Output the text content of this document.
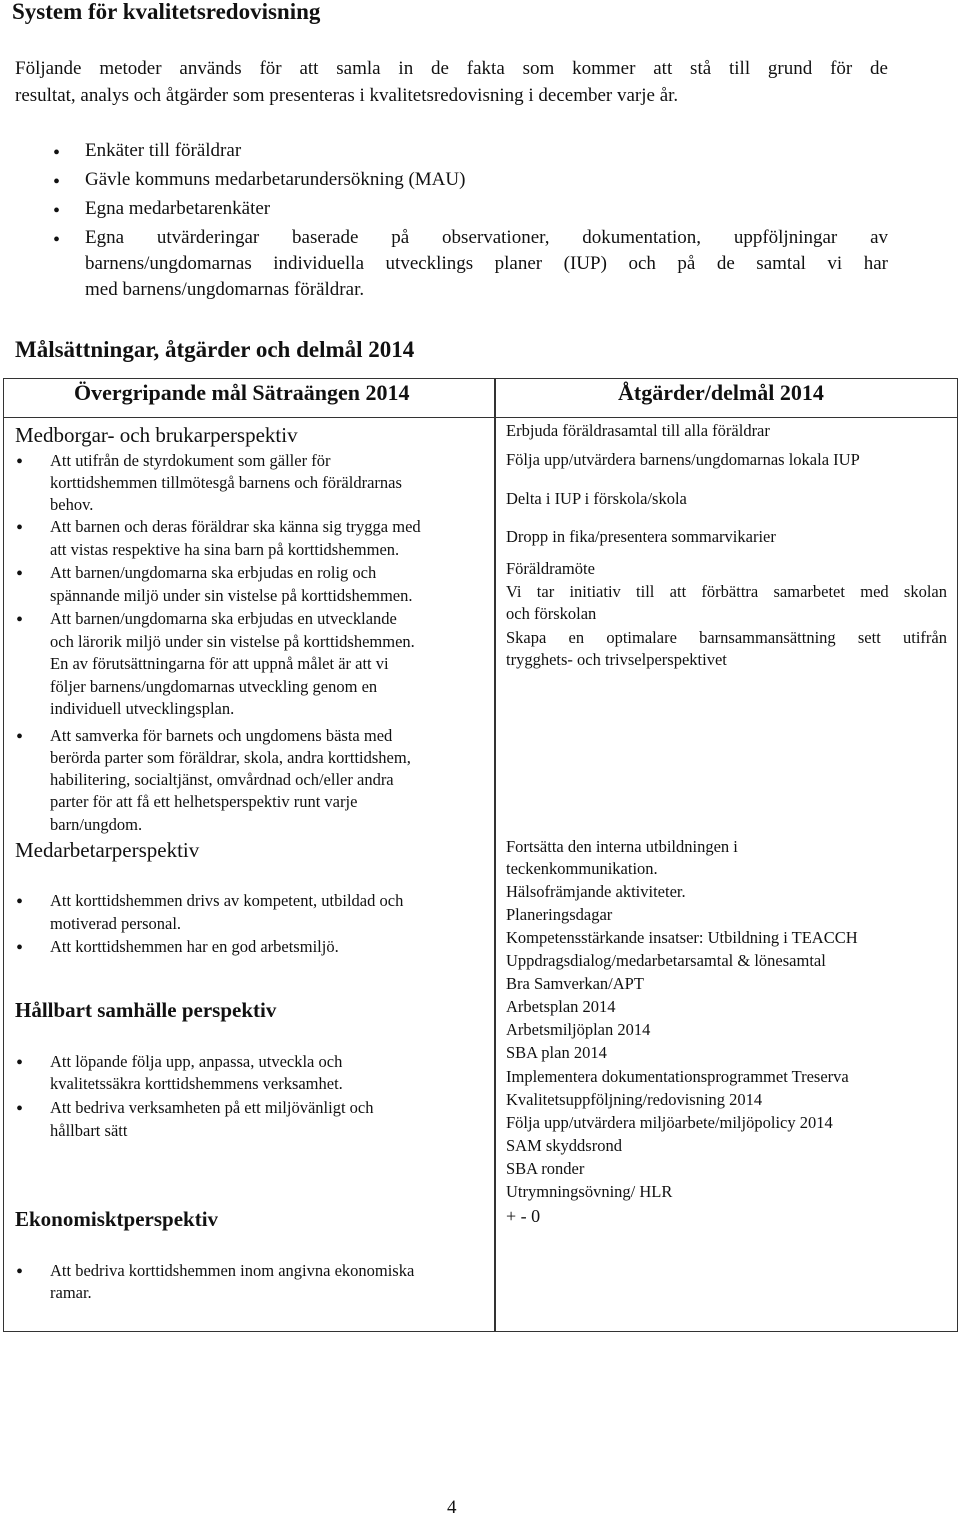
System för kvalitetsredovisning
Följande metoder används för att samla in de fakta som kommer att stå till grund för de
resultat, analys och åtgärder som presenteras i kvalitetsredovisning i december varje år.
• Enkäter till föräldrar
• Gävle kommuns medarbetarundersökning (MAU)
• Egna medarbetarenkäter
• Egna utvärderingar baserade på observationer, dokumentation, uppföljningar av
barnens/ungdomarnas individuella utvecklings planer (IUP) och på de samtal vi har
med barnens/ungdomarnas föräldrar.
Målsättningar, åtgärder och delmål 2014
Övergripande mål Sätraängen 2014	Åtgärder/delmål 2014
Medborgar- och brukarperspektiv
• Att utifrån de styrdokument som gäller för
korttidshemmen tillmötesgå barnens och föräldrarnas
behov.
• Att barnen och deras föräldrar ska känna sig trygga med
att vistas respektive ha sina barn på korttidshemmen.
• Att barnen/ungdomarna ska erbjudas en rolig och
spännande miljö under sin vistelse på korttidshemmen.
• Att barnen/ungdomarna ska erbjudas en utvecklande
och lärorik miljö under sin vistelse på korttidshemmen.
En av förutsättningarna för att uppnå målet är att vi
följer barnens/ungdomarnas utveckling genom en
individuell utvecklingsplan.
• Att samverka för barnets och ungdomens bästa med
berörda parter som föräldrar, skola, andra korttidshem,
habilitering, socialtjänst, omvårdnad och/eller andra
parter för att få ett helhetsperspektiv runt varje
barn/ungdom.
Erbjuda föräldrasamtal till alla föräldrar
Följa upp/utvärdera barnens/ungdomarnas lokala IUP
Delta i IUP i förskola/skola
Dropp in fika/presentera sommarvikarier
Föräldramöte
Vi tar initiativ till att förbättra samarbetet med skolan
och förskolan
Skapa en optimalare barnsammansättning sett utifrån
trygghets- och trivselperspektivet
Medarbetarperspektiv
• Att korttidshemmen drivs av kompetent, utbildad och
motiverad personal.
• Att korttidshemmen har en god arbetsmiljö.
Fortsätta den interna utbildningen i
teckenkommunikation.
Hälsofrämjande aktiviteter.
Planeringsdagar
Kompetensstärkande insatser: Utbildning i TEACCH
Uppdragsdialog/medarbetarsamtal & lönesamtal
Bra Samverkan/APT
Hållbart samhälle perspektiv
• Att löpande följa upp, anpassa, utveckla och
kvalitetssäkra korttidshemmens verksamhet.
• Att bedriva verksamheten på ett miljövänligt och
hållbart sätt
Arbetsplan 2014
Arbetsmiljöplan 2014
SBA plan 2014
Implementera dokumentationsprogrammet Treserva
Kvalitetsuppföljning/redovisning 2014
Följa upp/utvärdera miljöarbete/miljöpolicy 2014
SAM skyddsrond
SBA ronder
Utrymningsövning/ HLR
Ekonomisktperspektiv
• Att bedriva korttidshemmen inom angivna ekonomiska
ramar.
+ - 0
4
